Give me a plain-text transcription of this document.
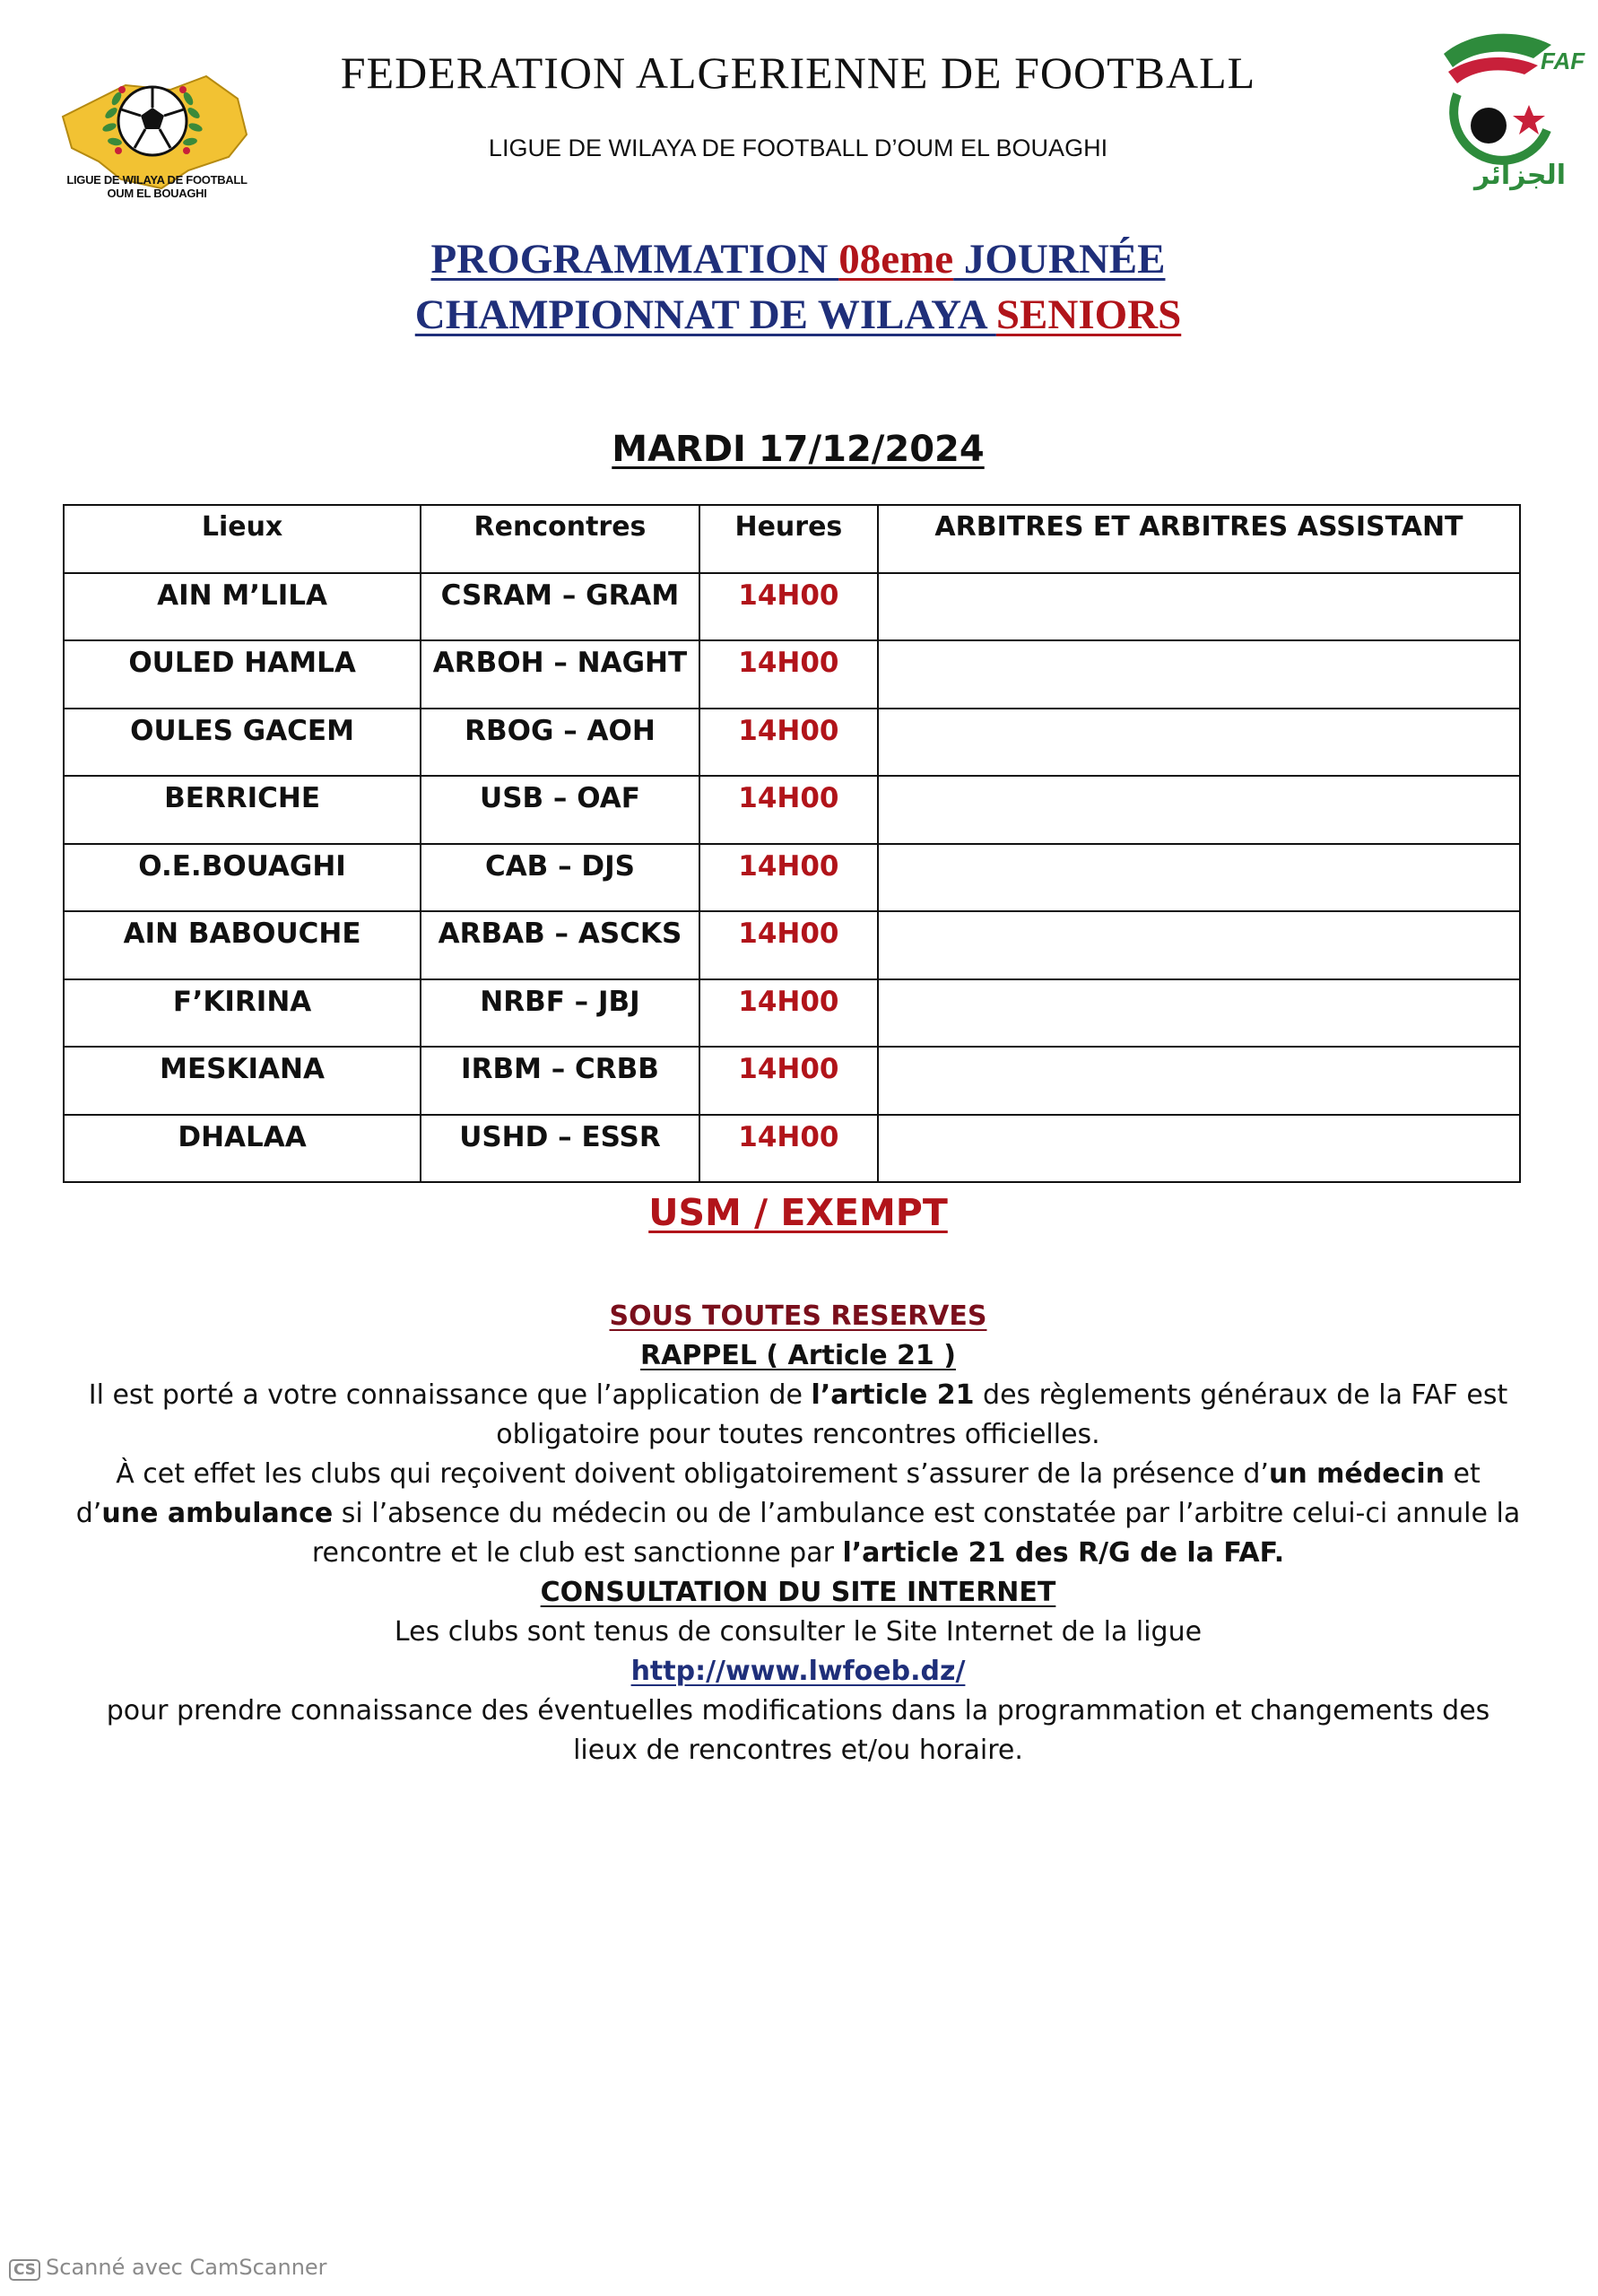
LIGUE DE WILAYA DE FOOTBALL
OUM EL BOUAGHI
FEDERATION ALGERIENNE DE FOOTBALL
LIGUE DE WILAYA DE FOOTBALL D’OUM EL BOUAGHI
FAF
الجزائر
PROGRAMMATION 08eme JOURNÉE
CHAMPIONNAT DE WILAYA SENIORS
MARDI 17/12/2024
Lieux	Rencontres	Heures	ARBITRES ET ARBITRES ASSISTANT
AIN M’LILA	CSRAM – GRAM	14H00	
OULED HAMLA	ARBOH – NAGHT	14H00	
OULES GACEM	RBOG – AOH	14H00	
BERRICHE	USB – OAF	14H00	
O.E.BOUAGHI	CAB – DJS	14H00	
AIN BABOUCHE	ARBAB – ASCKS	14H00	
F’KIRINA	NRBF – JBJ	14H00	
MESKIANA	IRBM – CRBB	14H00	
DHALAA	USHD – ESSR	14H00	
USM / EXEMPT

SOUS TOUTES RESERVES

RAPPEL ( Article 21 )

Il est porté a votre connaissance que l’application de l’article 21 des règlements généraux de la FAF est obligatoire pour toutes rencontres officielles.

À cet effet les clubs qui reçoivent doivent obligatoirement s’assurer de la présence d’un médecin et d’une ambulance si l’absence du médecin ou de l’ambulance est constatée par l’arbitre celui-ci annule la rencontre et le club est sanctionne par l’article 21 des R/G de la FAF.

CONSULTATION DU SITE INTERNET

Les clubs sont tenus de consulter le Site Internet de la ligue

http://www.lwfoeb.dz/

pour prendre connaissance des éventuelles modifications dans la programmation et changements des lieux de rencontres et/ou horaire.

CS Scanné avec CamScanner
